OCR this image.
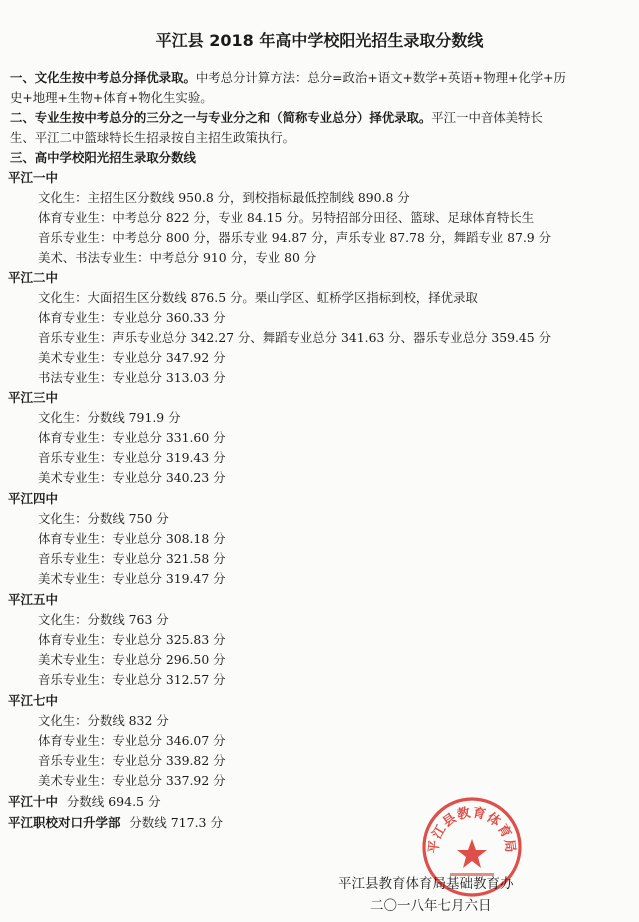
平江县 2018 年高中学校阳光招生录取分数线
一、文化生按中考总分择优录取。中考总分计算方法：总分=政治+语文+数学+英语+物理+化学+历
史+地理+生物+体育+物化生实验。
二、专业生按中考总分的三分之一与专业分之和（简称专业总分）择优录取。平江一中音体美特长
生、平江二中篮球特长生招录按自主招生政策执行。
三、高中学校阳光招生录取分数线
平江一中
文化生：主招生区分数线 950.8 分，到校指标最低控制线 890.8 分
体育专业生：中考总分 822 分，专业 84.15 分。另特招部分田径、篮球、足球体育特长生
音乐专业生：中考总分 800 分，器乐专业 94.87 分，声乐专业 87.78 分，舞蹈专业 87.9 分
美术、书法专业生：中考总分 910 分，专业 80 分
平江二中
文化生：大面招生区分数线 876.5 分。栗山学区、虹桥学区指标到校，择优录取
体育专业生：专业总分 360.33 分
音乐专业生：声乐专业总分 342.27 分、舞蹈专业总分 341.63 分、器乐专业总分 359.45 分
美术专业生：专业总分 347.92 分
书法专业生：专业总分 313.03 分
平江三中
文化生：分数线 791.9 分
体育专业生：专业总分 331.60 分
音乐专业生：专业总分 319.43 分
美术专业生：专业总分 340.23 分
平江四中
文化生：分数线 750 分
体育专业生：专业总分 308.18 分
音乐专业生：专业总分 321.58 分
美术专业生：专业总分 319.47 分
平江五中
文化生：分数线 763 分
体育专业生：专业总分 325.83 分
美术专业生：专业总分 296.50 分
音乐专业生：专业总分 312.57 分
平江七中
文化生：分数线 832 分
体育专业生：专业总分 346.07 分
音乐专业生：专业总分 339.82 分
美术专业生：专业总分 337.92 分
平江十中 分数线 694.5 分
平江职校对口升学部 分数线 717.3 分
平江县教育体育局
平江县教育体育局基础教育办
二〇一八年七月六日
